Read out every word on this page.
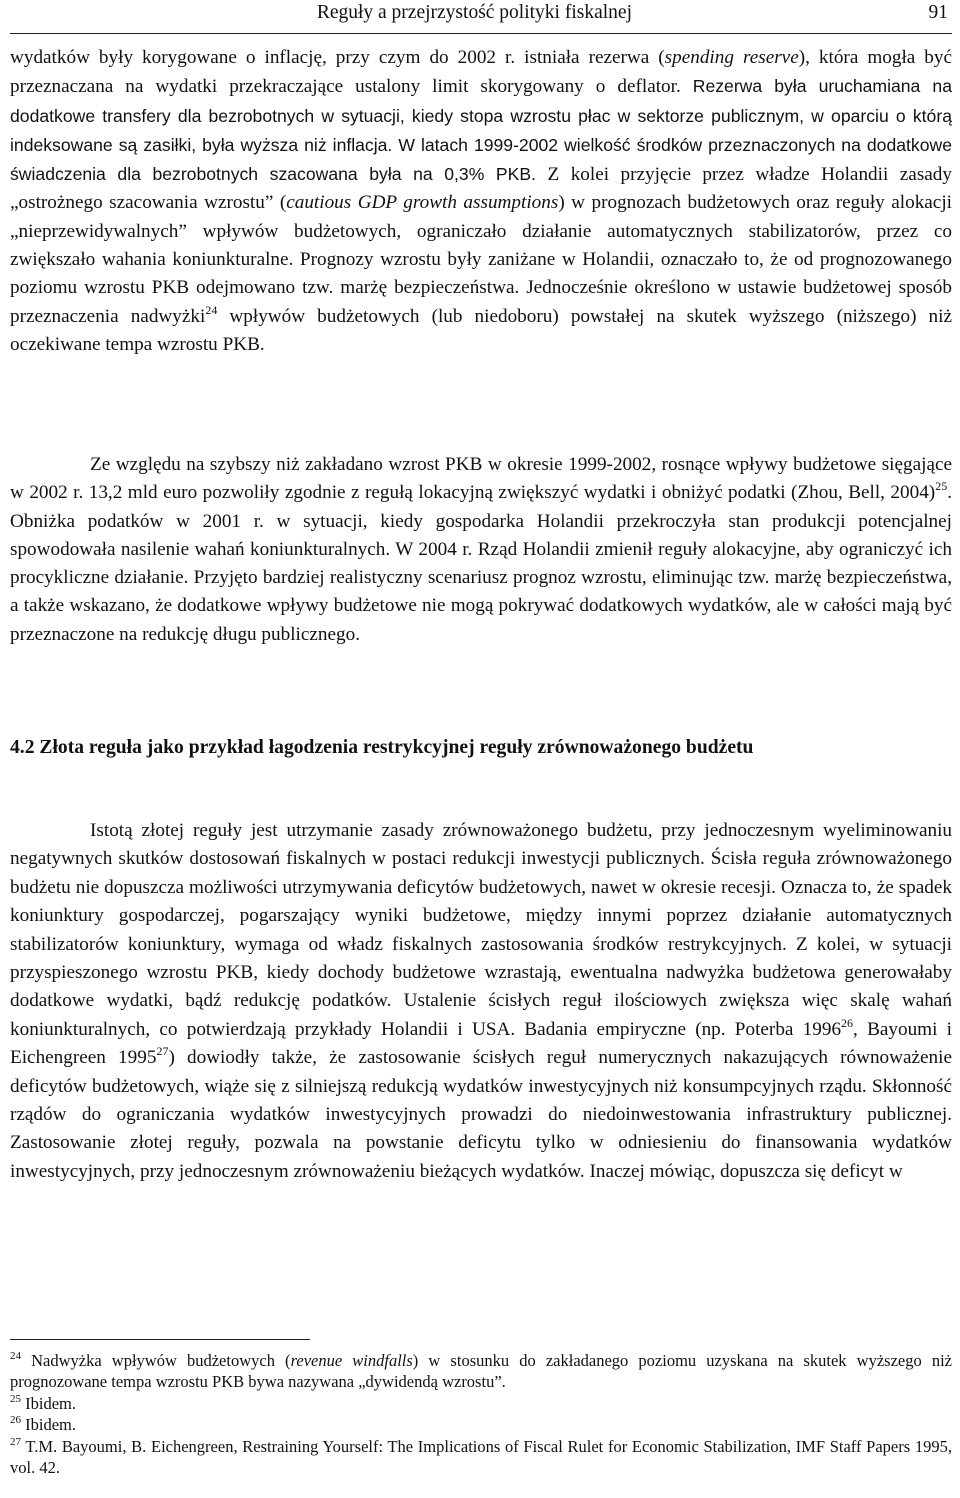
Reguły a przejrzystość polityki fiskalnej	91

wydatków były korygowane o inflację, przy czym do 2002 r. istniała rezerwa (spending reserve), która mogła być przeznaczana na wydatki przekraczające ustalony limit skorygowany o deflator. Rezerwa była uruchamiana na dodatkowe transfery dla bezrobotnych w sytuacji, kiedy stopa wzrostu płac w sektorze publicznym, w oparciu o którą indeksowane są zasiłki, była wyższa niż inflacja. W latach 1999-2002 wielkość środków przeznaczonych na dodatkowe świadczenia dla bezrobotnych szacowana była na 0,3% PKB. Z kolei przyjęcie przez władze Holandii zasady „ostrożnego szacowania wzrostu” (cautious GDP growth assumptions) w prognozach budżetowych oraz reguły alokacji „nieprzewidywalnych” wpływów budżetowych, ograniczało działanie automatycznych stabilizatorów, przez co zwiększało wahania koniunkturalne. Prognozy wzrostu były zaniżane w Holandii, oznaczało to, że od prognozowanego poziomu wzrostu PKB odejmowano tzw. marżę bezpieczeństwa. Jednocześnie określono w ustawie budżetowej sposób przeznaczenia nadwyżki$^{24}$ wpływów budżetowych (lub niedoboru) powstałej na skutek wyższego (niższego) niż oczekiwane tempa wzrostu PKB.

Ze względu na szybszy niż zakładano wzrost PKB w okresie 1999-2002, rosnące wpływy budżetowe sięgające w 2002 r. 13,2 mld euro pozwoliły zgodnie z regułą lokacyjną zwiększyć wydatki i obniżyć podatki (Zhou, Bell, 2004)$^{25}$. Obniżka podatków w 2001 r. w sytuacji, kiedy gospodarka Holandii przekroczyła stan produkcji potencjalnej spowodowała nasilenie wahań koniunkturalnych. W 2004 r. Rząd Holandii zmienił reguły alokacyjne, aby ograniczyć ich procykliczne działanie. Przyjęto bardziej realistyczny scenariusz prognoz wzrostu, eliminując tzw. marżę bezpieczeństwa, a także wskazano, że dodatkowe wpływy budżetowe nie mogą pokrywać dodatkowych wydatków, ale w całości mają być przeznaczone na redukcję długu publicznego.

4.2 Złota reguła jako przykład łagodzenia restrykcyjnej reguły zrównoważonego budżetu

Istotą złotej reguły jest utrzymanie zasady zrównoważonego budżetu, przy jednoczesnym wyeliminowaniu negatywnych skutków dostosowań fiskalnych w postaci redukcji inwestycji publicznych. Ścisła reguła zrównoważonego budżetu nie dopuszcza możliwości utrzymywania deficytów budżetowych, nawet w okresie recesji. Oznacza to, że spadek koniunktury gospodarczej, pogarszający wyniki budżetowe, między innymi poprzez działanie automatycznych stabilizatorów koniunktury, wymaga od władz fiskalnych zastosowania środków restrykcyjnych. Z kolei, w sytuacji przyspieszonego wzrostu PKB, kiedy dochody budżetowe wzrastają, ewentualna nadwyżka budżetowa generowałaby dodatkowe wydatki, bądź redukcję podatków. Ustalenie ścisłych reguł ilościowych zwiększa więc skalę wahań koniunkturalnych, co potwierdzają przykłady Holandii i USA. Badania empiryczne (np. Poterba 1996$^{26}$, Bayoumi i Eichengreen 1995$^{27}$) dowiodły także, że zastosowanie ścisłych reguł numerycznych nakazujących równoważenie deficytów budżetowych, wiąże się z silniejszą redukcją wydatków inwestycyjnych niż konsumpcyjnych rządu. Skłonność rządów do ograniczania wydatków inwestycyjnych prowadzi do niedoinwestowania infrastruktury publicznej. Zastosowanie złotej reguły, pozwala na powstanie deficytu tylko w odniesieniu do finansowania wydatków inwestycyjnych, przy jednoczesnym zrównoważeniu bieżących wydatków. Inaczej mówiąc, dopuszcza się deficyt w

$^{24}$ Nadwyżka wpływów budżetowych (revenue windfalls) w stosunku do zakładanego poziomu uzyskana na skutek wyższego niż prognozowane tempa wzrostu PKB bywa nazywana „dywidendą wzrostu”.

$^{25}$ Ibidem.

$^{26}$ Ibidem.

$^{27}$ T.M. Bayoumi, B. Eichengreen, Restraining Yourself: The Implications of Fiscal Rulet for Economic Stabilization, IMF Staff Papers 1995, vol. 42.
